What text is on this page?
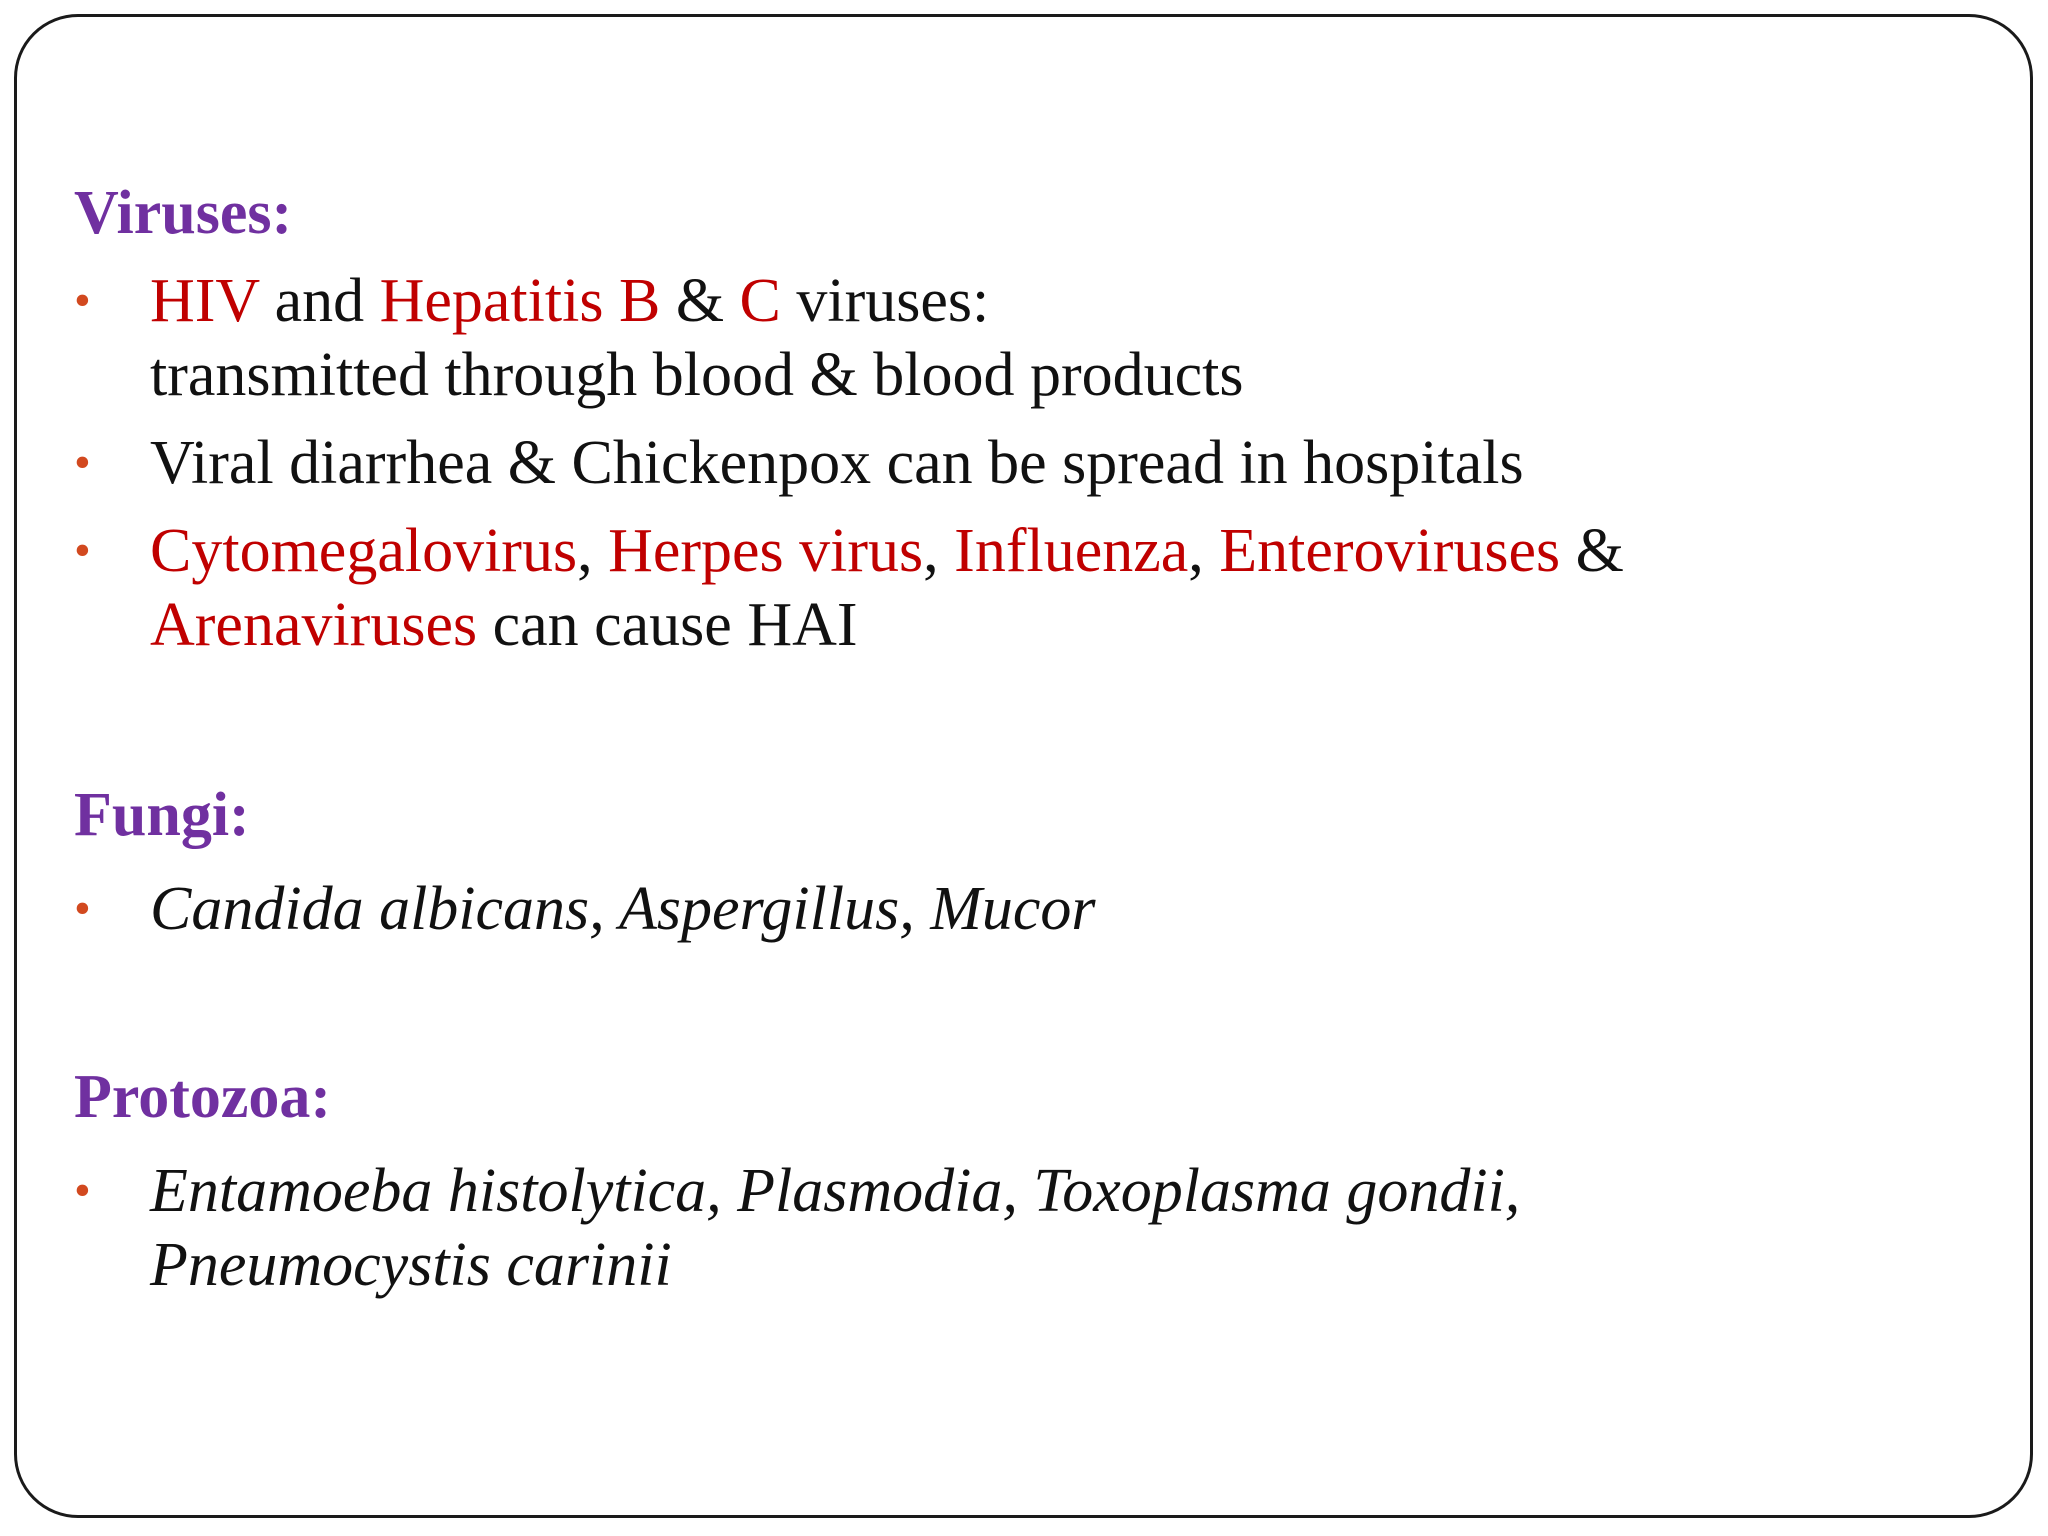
Viruses:
• HIV and Hepatitis B & C viruses:
transmitted through blood & blood products
• Viral diarrhea & Chickenpox can be spread in hospitals
• Cytomegalovirus, Herpes virus, Influenza, Enteroviruses &
Arenaviruses can cause HAI
Fungi:
• Candida albicans, Aspergillus, Mucor
Protozoa:
• Entamoeba histolytica, Plasmodia, Toxoplasma gondii,
Pneumocystis carinii
